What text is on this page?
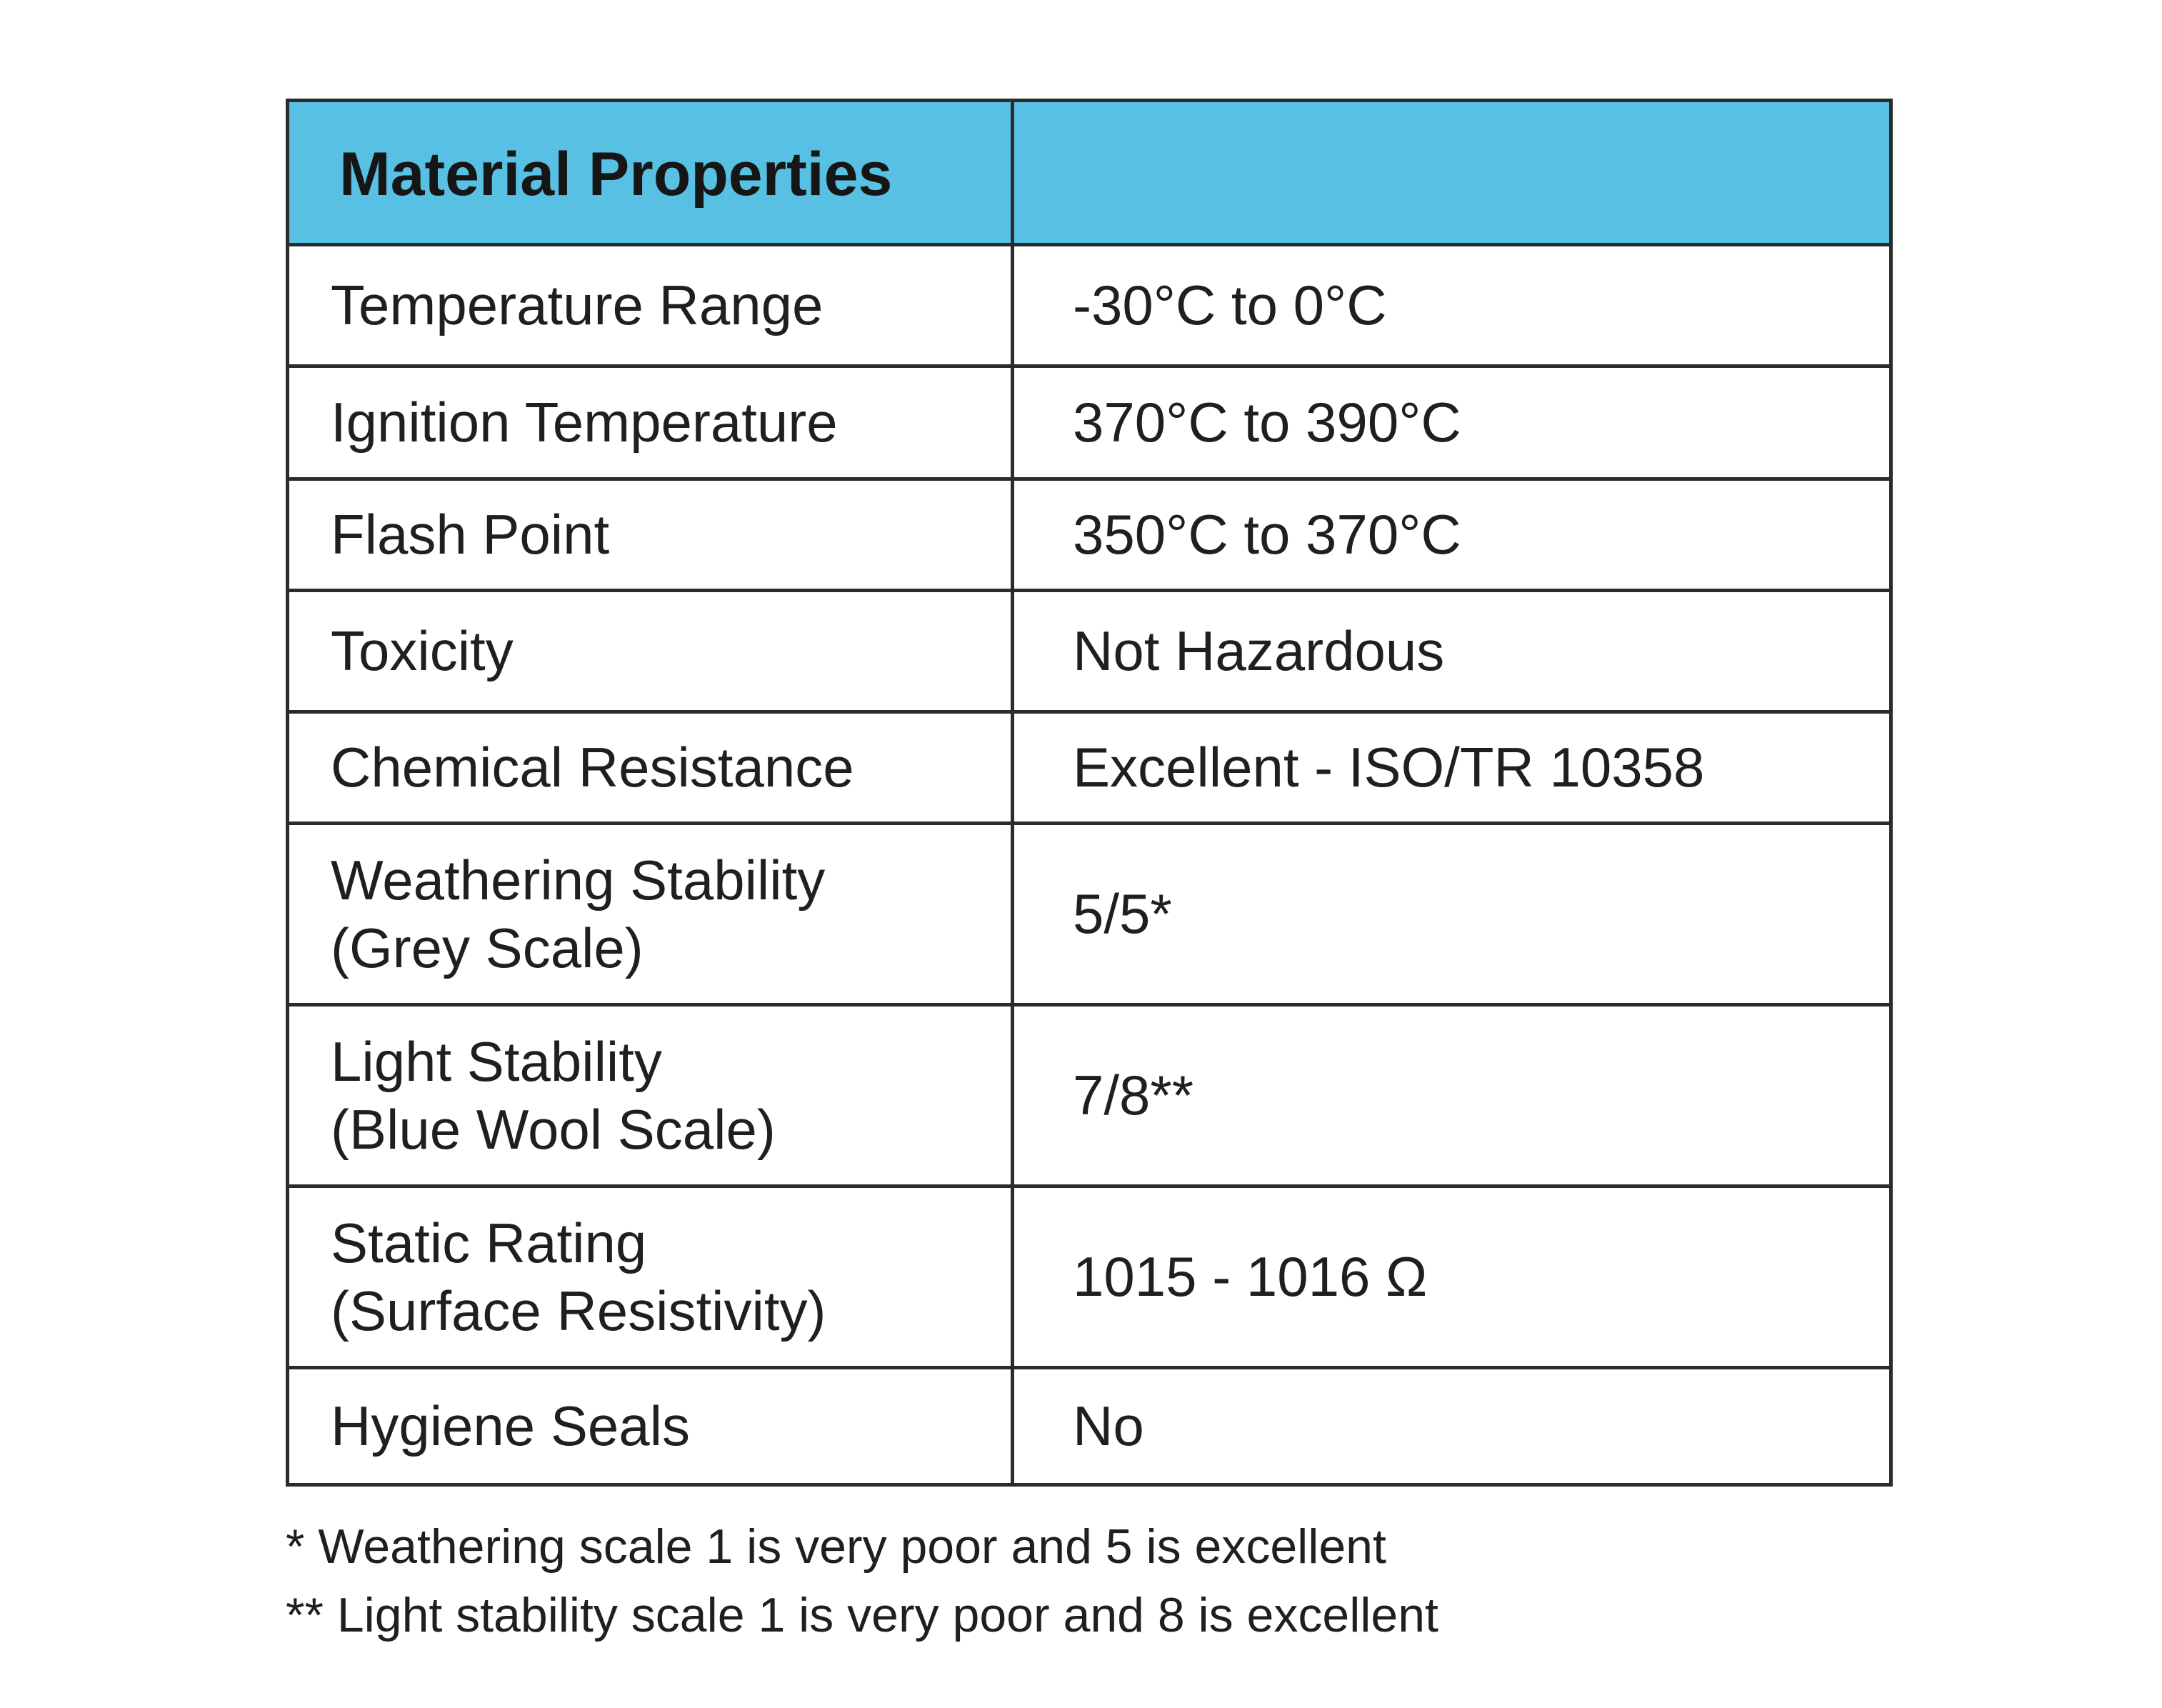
Material Properties	
Temperature Range	-30°C to 0°C
Ignition Temperature	370°C to 390°C
Flash Point	350°C to 370°C
Toxicity	Not Hazardous
Chemical Resistance	Excellent - ISO/TR 10358

Weathering Stability
(Grey Scale)	5/5*

Light Stability
(Blue Wool Scale)	7/8**

Static Rating
(Surface Resistivity)	1015 - 1016 Ω
Hygiene Seals	No
* Weathering scale 1 is very poor and 5 is excellent
** Light stability scale 1 is very poor and 8 is excellent
